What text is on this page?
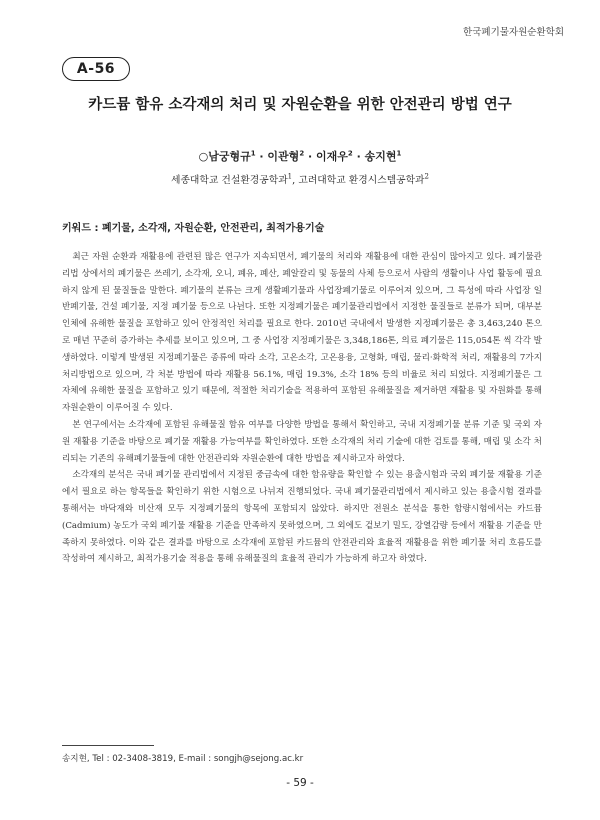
한국폐기물자원순환학회
A-56
카드뮴 함유 소각재의 처리 및 자원순환을 위한 안전관리 방법 연구
○남궁형규$^1$ · 이관형$^2$ · 이재우$^2$ · 송지현$^1$
세종대학교 건설환경공학과$^1$, 고려대학교 환경시스템공학과$^2$
키워드 : 폐기물, 소각재, 자원순환, 안전관리, 최적가용기술

최근 자원 순환과 재활용에 관련된 많은 연구가 지속되면서, 폐기물의 처리와 재활용에 대한 관심이 많아지고 있다. 폐기물관리법 상에서의 폐기물은 쓰레기, 소각재, 오니, 폐유, 폐산, 폐알칼리 및 동물의 사체 등으로서 사람의 생활이나 사업 활동에 필요하지 않게 된 물질들을 말한다. 폐기물의 분류는 크게 생활폐기물과 사업장폐기물로 이루어져 있으며, 그 특성에 따라 사업장 일반폐기물, 건설 폐기물, 지정 폐기물 등으로 나뉜다. 또한 지정폐기물은 폐기물관리법에서 지정한 물질들로 분류가 되며, 대부분 인체에 유해한 물질을 포함하고 있어 안정적인 처리를 필요로 한다. 2010년 국내에서 발생한 지정폐기물은 총 3,463,240 톤으로 매년 꾸준히 증가하는 추세를 보이고 있으며, 그 중 사업장 지정폐기물은 3,348,186톤, 의료 폐기물은 115,054톤 씩 각각 발생하였다. 이렇게 발생된 지정폐기물은 종류에 따라 소각, 고온소각, 고온용융, 고형화, 매립, 물리·화학적 처리, 재활용의 7가지 처리방법으로 있으며, 각 처분 방법에 따라 재활용 56.1%, 매립 19.3%, 소각 18% 등의 비율로 처리 되었다. 지정폐기물은 그 자체에 유해한 물질을 포함하고 있기 때문에, 적절한 처리기술을 적용하여 포함된 유해물질을 제거하면 재활용 및 자원화를 통해 자원순환이 이루어질 수 있다.

본 연구에서는 소각재에 포함된 유해물질 함유 여부를 다양한 방법을 통해서 확인하고, 국내 지정폐기물 분류 기준 및 국외 자원 재활용 기준을 바탕으로 폐기물 재활용 가능여부를 확인하였다. 또한 소각재의 처리 기술에 대한 검토를 통해, 매립 및 소각 처리되는 기존의 유해폐기물들에 대한 안전관리와 자원순환에 대한 방법을 제시하고자 하였다.

소각재의 분석은 국내 폐기물 관리법에서 지정된 중금속에 대한 함유량을 확인할 수 있는 용출시험과 국외 폐기물 재활용 기준에서 필요로 하는 항목들을 확인하기 위한 시험으로 나뉘져 진행되었다. 국내 폐기물관리법에서 제시하고 있는 용출시험 결과를 통해서는 바닥재와 비산재 모두 지정폐기물의 항목에 포함되지 않았다. 하지만 전원소 분석을 통한 함량시험에서는 카드뮴(Cadmium) 농도가 국외 폐기물 재활용 기준을 만족하지 못하였으며, 그 외에도 겉보기 밀도, 강열감량 등에서 재활용 기준을 만족하지 못하였다. 이와 같은 결과를 바탕으로 소각재에 포함된 카드뮴의 안전관리와 효율적 재활용을 위한 폐기물 처리 흐름도를 작성하여 제시하고, 최적가용기술 적용을 통해 유해물질의 효율적 관리가 가능하게 하고자 하였다.

송지현, Tel : 02-3408-3819, E-mail : songjh@sejong.ac.kr
- 59 -
